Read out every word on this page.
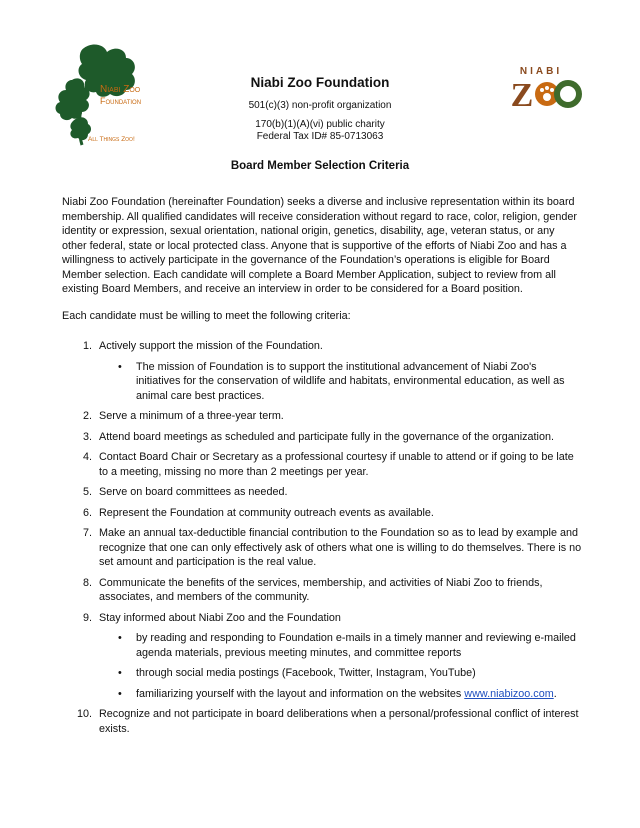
Niabi Zoo
Foundation
All Things Zoo!
NIABI
Z
Niabi Zoo Foundation
501(c)(3) non-profit organization
170(b)(1)(A)(vi) public charity
Federal Tax ID# 85-0713063
Board Member Selection Criteria

Niabi Zoo Foundation (hereinafter Foundation) seeks a diverse and inclusive representation within its board membership. All qualified candidates will receive consideration without regard to race, color, religion, gender identity or expression, sexual orientation, national origin, genetics, disability, age, veteran status, or any other federal, state or local protected class. Anyone that is supportive of the efforts of Niabi Zoo and has a willingness to actively participate in the governance of the Foundation’s operations is eligible for Board Member selection. Each candidate will complete a Board Member Application, subject to review from all existing Board Members, and receive an interview in order to be considered for a Board position.

Each candidate must be willing to meet the following criteria:

1. Actively support the mission of the Foundation.
• The mission of Foundation is to support the institutional advancement of Niabi Zoo's initiatives for the conservation of wildlife and habitats, environmental education, as well as animal care best practices.
2. Serve a minimum of a three-year term.
3. Attend board meetings as scheduled and participate fully in the governance of the organization.
4. Contact Board Chair or Secretary as a professional courtesy if unable to attend or if going to be late to a meeting, missing no more than 2 meetings per year.
5. Serve on board committees as needed.
6. Represent the Foundation at community outreach events as available.
7. Make an annual tax-deductible financial contribution to the Foundation so as to lead by example and recognize that one can only effectively ask of others what one is willing to do themselves. There is no set amount and participation is the real value.
8. Communicate the benefits of the services, membership, and activities of Niabi Zoo to friends, associates, and members of the community.
9. Stay informed about Niabi Zoo and the Foundation
• by reading and responding to Foundation e-mails in a timely manner and reviewing e-mailed agenda materials, previous meeting minutes, and committee reports
• through social media postings (Facebook, Twitter, Instagram, YouTube)
• familiarizing yourself with the layout and information on the websites www.niabizoo.com.
10. Recognize and not participate in board deliberations when a personal/professional conflict of interest exists.
